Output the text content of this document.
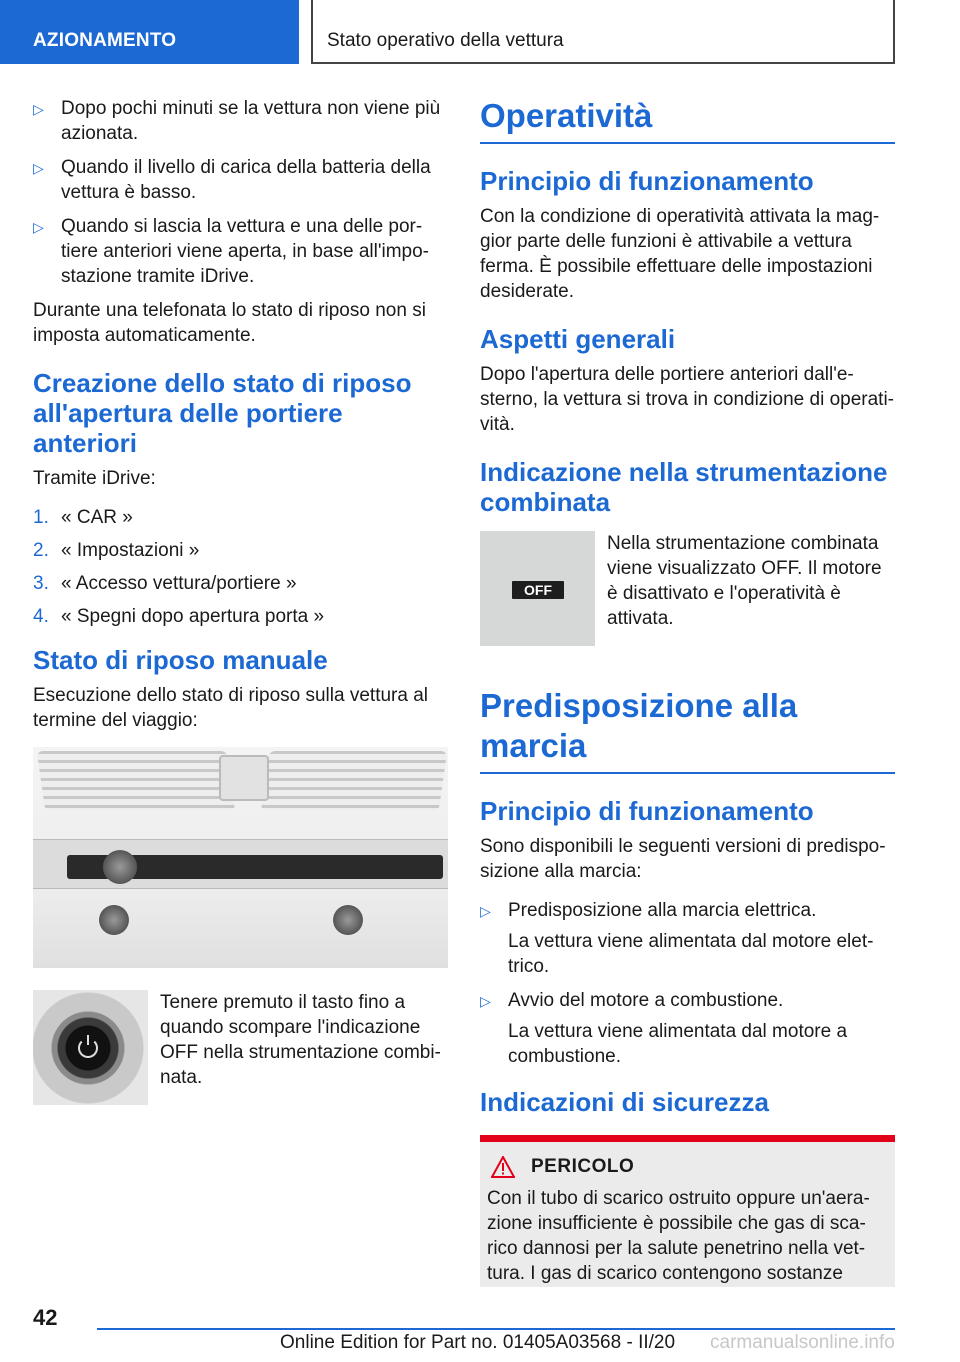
AZIONAMENTO	Stato operativo della vettura
▷ Dopo pochi minuti se la vettura non viene più azionata.
▷ Quando il livello di carica della batteria della vettura è basso.
▷ Quando si lascia la vettura e una delle por-tiere anteriori viene aperta, in base all'impo-stazione tramite iDrive.

Durante una telefonata lo stato di riposo non si imposta automaticamente.

Creazione dello stato di riposo all'apertura delle portiere anteriori

Tramite iDrive:

1. « CAR »
2. « Impostazioni »
3. « Accesso vettura/portiere »
4. « Spegni dopo apertura porta »
Stato di riposo manuale

Esecuzione dello stato di riposo sulla vettura al termine del viaggio:

Tenere premuto il tasto fino a quando scompare l'indicazione OFF nella strumentazione combi-nata.
Operatività
Principio di funzionamento

Con la condizione di operatività attivata la mag-gior parte delle funzioni è attivabile a vettura ferma. È possibile effettuare delle impostazioni desiderate.

Aspetti generali

Dopo l'apertura delle portiere anteriori dall'e-sterno, la vettura si trova in condizione di operati-vità.

Indicazione nella strumentazione combinata
OFF
Nella strumentazione combinata viene visualizzato OFF. Il motore è disattivato e l'operatività è attivata.
Predisposizione alla marcia
Principio di funzionamento

Sono disponibili le seguenti versioni di predispo-sizione alla marcia:

▷ Predisposizione alla marcia elettrica.
La vettura viene alimentata dal motore elet-trico.
▷ Avvio del motore a combustione.
La vettura viene alimentata dal motore a combustione.
Indicazioni di sicurezza
PERICOLO

Con il tubo di scarico ostruito oppure un'aera-zione insufficiente è possibile che gas di sca-rico dannosi per la salute penetrino nella vet-tura. I gas di scarico contengono sostanze

42
Online Edition for Part no. 01405A03568 - II/20 carmanualsonline.info
